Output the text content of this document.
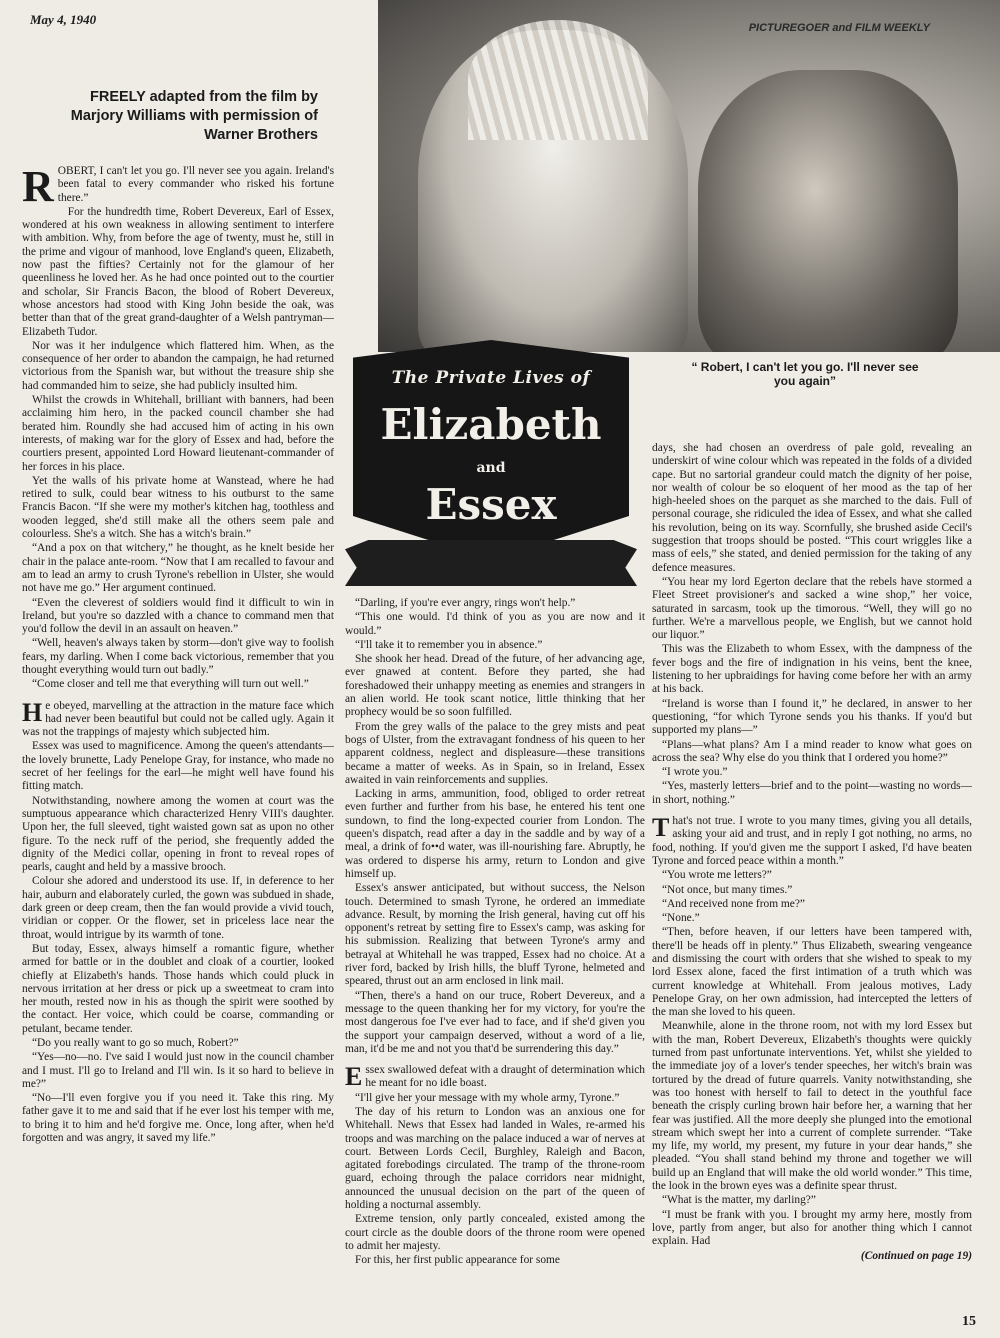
May 4, 1940
PICTUREGOER and FILM WEEKLY
FREELY adapted from the film by Marjory Williams with permission of Warner Brothers
“ Robert, I can't let you go. I'll never see you again”
The Private Lives of
Elizabeth
and
Essex

ROBERT, I can't let you go. I'll never see you again. Ireland's been fatal to every commander who risked his fortune there.”

For the hundredth time, Robert Devereux, Earl of Essex, wondered at his own weakness in allowing sentiment to interfere with ambition. Why, from before the age of twenty, must he, still in the prime and vigour of manhood, love England's queen, Elizabeth, now past the fifties? Certainly not for the glamour of her queenliness he loved her. As he had once pointed out to the courtier and scholar, Sir Francis Bacon, the blood of Robert Devereux, whose ancestors had stood with King John beside the oak, was better than that of the great grand-daughter of a Welsh pantryman—Elizabeth Tudor.

Nor was it her indulgence which flattered him. When, as the consequence of her order to abandon the campaign, he had returned victorious from the Spanish war, but without the treasure ship she had commanded him to seize, she had publicly insulted him.

Whilst the crowds in Whitehall, brilliant with banners, had been acclaiming him hero, in the packed council chamber she had berated him. Roundly she had accused him of acting in his own interests, of making war for the glory of Essex and had, before the courtiers present, appointed Lord Howard lieutenant-commander of her forces in his place.

Yet the walls of his private home at Wanstead, where he had retired to sulk, could bear witness to his outburst to the same Francis Bacon. “If she were my mother's kitchen hag, toothless and wooden legged, she'd still make all the others seem pale and colourless. She's a witch. She has a witch's brain.”

“And a pox on that witchery,” he thought, as he knelt beside her chair in the palace ante-room. “Now that I am recalled to favour and am to lead an army to crush Tyrone's rebellion in Ulster, she would not have me go.” Her argument continued.

“Even the cleverest of soldiers would find it difficult to win in Ireland, but you're so dazzled with a chance to command men that you'd follow the devil in an assault on heaven.”

“Well, heaven's always taken by storm—don't give way to foolish fears, my darling. When I come back victorious, remember that you thought everything would turn out badly.”

“Come closer and tell me that everything will turn out well.”

He obeyed, marvelling at the attraction in the mature face which had never been beautiful but could not be called ugly. Again it was not the trappings of majesty which subjected him.

Essex was used to magnificence. Among the queen's attendants—the lovely brunette, Lady Penelope Gray, for instance, who made no secret of her feelings for the earl—he might well have found his fitting match.

Notwithstanding, nowhere among the women at court was the sumptuous appearance which characterized Henry VIII's daughter. Upon her, the full sleeved, tight waisted gown sat as upon no other figure. To the neck ruff of the period, she frequently added the dignity of the Medici collar, opening in front to reveal ropes of pearls, caught and held by a massive brooch.

Colour she adored and understood its use. If, in deference to her hair, auburn and elaborately curled, the gown was subdued in shade, dark green or deep cream, then the fan would provide a vivid touch, viridian or copper. Or the flower, set in priceless lace near the throat, would intrigue by its warmth of tone.

But today, Essex, always himself a romantic figure, whether armed for battle or in the doublet and cloak of a courtier, looked chiefly at Elizabeth's hands. Those hands which could pluck in nervous irritation at her dress or pick up a sweetmeat to cram into her mouth, rested now in his as though the spirit were soothed by the contact. Her voice, which could be coarse, commanding or petulant, became tender.

“Do you really want to go so much, Robert?”

“Yes—no—no. I've said I would just now in the council chamber and I must. I'll go to Ireland and I'll win. Is it so hard to believe in me?”

“No—I'll even forgive you if you need it. Take this ring. My father gave it to me and said that if he ever lost his temper with me, to bring it to him and he'd forgive me. Once, long after, when he'd forgotten and was angry, it saved my life.”

“Darling, if you're ever angry, rings won't help.”

“This one would. I'd think of you as you are now and it would.”

“I'll take it to remember you in absence.”

She shook her head. Dread of the future, of her advancing age, ever gnawed at content. Before they parted, she had foreshadowed their unhappy meeting as enemies and strangers in an alien world. He took scant notice, little thinking that her prophecy would be so soon fulfilled.

From the grey walls of the palace to the grey mists and peat bogs of Ulster, from the extravagant fondness of his queen to her apparent coldness, neglect and displeasure—these transitions became a matter of weeks. As in Spain, so in Ireland, Essex awaited in vain reinforcements and supplies.

Lacking in arms, ammunition, food, obliged to order retreat even further and further from his base, he entered his tent one sundown, to find the long-expected courier from London. The queen's dispatch, read after a day in the saddle and by way of a meal, a drink of fo••d water, was ill-nourishing fare. Abruptly, he was ordered to disperse his army, return to London and give himself up.

Essex's answer anticipated, but without success, the Nelson touch. Determined to smash Tyrone, he ordered an immediate advance. Result, by morning the Irish general, having cut off his opponent's retreat by setting fire to Essex's camp, was asking for his submission. Realizing that between Tyrone's army and betrayal at Whitehall he was trapped, Essex had no choice. At a river ford, backed by Irish hills, the bluff Tyrone, helmeted and speared, thrust out an arm enclosed in link mail.

“Then, there's a hand on our truce, Robert Devereux, and a message to the queen thanking her for my victory, for you're the most dangerous foe I've ever had to face, and if she'd given you the support your campaign deserved, without a word of a lie, man, it'd be me and not you that'd be surrendering this day.”

Essex swallowed defeat with a draught of determination which he meant for no idle boast.

“I'll give her your message with my whole army, Tyrone.”

The day of his return to London was an anxious one for Whitehall. News that Essex had landed in Wales, re-armed his troops and was marching on the palace induced a war of nerves at court. Between Lords Cecil, Burghley, Raleigh and Bacon, agitated forebodings circulated. The tramp of the throne-room guard, echoing through the palace corridors near midnight, announced the unusual decision on the part of the queen of holding a nocturnal assembly.

Extreme tension, only partly concealed, existed among the court circle as the double doors of the throne room were opened to admit her majesty.

For this, her first public appearance for some

days, she had chosen an overdress of pale gold, revealing an underskirt of wine colour which was repeated in the folds of a divided cape. But no sartorial grandeur could match the dignity of her poise, nor wealth of colour be so eloquent of her mood as the tap of her high-heeled shoes on the parquet as she marched to the dais. Full of personal courage, she ridiculed the idea of Essex, and what she called his revolution, being on its way. Scornfully, she brushed aside Cecil's suggestion that troops should be posted. “This court wriggles like a mass of eels,” she stated, and denied permission for the taking of any defence measures.

“You hear my lord Egerton declare that the rebels have stormed a Fleet Street provisioner's and sacked a wine shop,” her voice, saturated in sarcasm, took up the timorous. “Well, they will go no further. We're a marvellous people, we English, but we cannot hold our liquor.”

This was the Elizabeth to whom Essex, with the dampness of the fever bogs and the fire of indignation in his veins, bent the knee, listening to her upbraidings for having come before her with an army at his back.

“Ireland is worse than I found it,” he declared, in answer to her questioning, “for which Tyrone sends you his thanks. If you'd but supported my plans—”

“Plans—what plans? Am I a mind reader to know what goes on across the sea? Why else do you think that I ordered you home?”

“I wrote you.”

“Yes, masterly letters—brief and to the point—wasting no words—in short, nothing.”

That's not true. I wrote to you many times, giving you all details, asking your aid and trust, and in reply I got nothing, no arms, no food, nothing. If you'd given me the support I asked, I'd have beaten Tyrone and forced peace within a month.”

“You wrote me letters?”

“Not once, but many times.”

“And received none from me?”

“None.”

“Then, before heaven, if our letters have been tampered with, there'll be heads off in plenty.” Thus Elizabeth, swearing vengeance and dismissing the court with orders that she wished to speak to my lord Essex alone, faced the first intimation of a truth which was current knowledge at Whitehall. From jealous motives, Lady Penelope Gray, on her own admission, had intercepted the letters of the man she loved to his queen.

Meanwhile, alone in the throne room, not with my lord Essex but with the man, Robert Devereux, Elizabeth's thoughts were quickly turned from past unfortunate interventions. Yet, whilst she yielded to the immediate joy of a lover's tender speeches, her witch's brain was tortured by the dread of future quarrels. Vanity notwithstanding, she was too honest with herself to fail to detect in the youthful face beneath the crisply curling brown hair before her, a warning that her fear was justified. All the more deeply she plunged into the emotional stream which swept her into a current of complete surrender. “Take my life, my world, my present, my future in your dear hands,” she pleaded. “You shall stand behind my throne and together we will build up an England that will make the old world wonder.” This time, the look in the brown eyes was a definite spear thrust.

“What is the matter, my darling?”

“I must be frank with you. I brought my army here, mostly from love, partly from anger, but also for another thing which I cannot explain. Had

(Continued on page 19)

15
